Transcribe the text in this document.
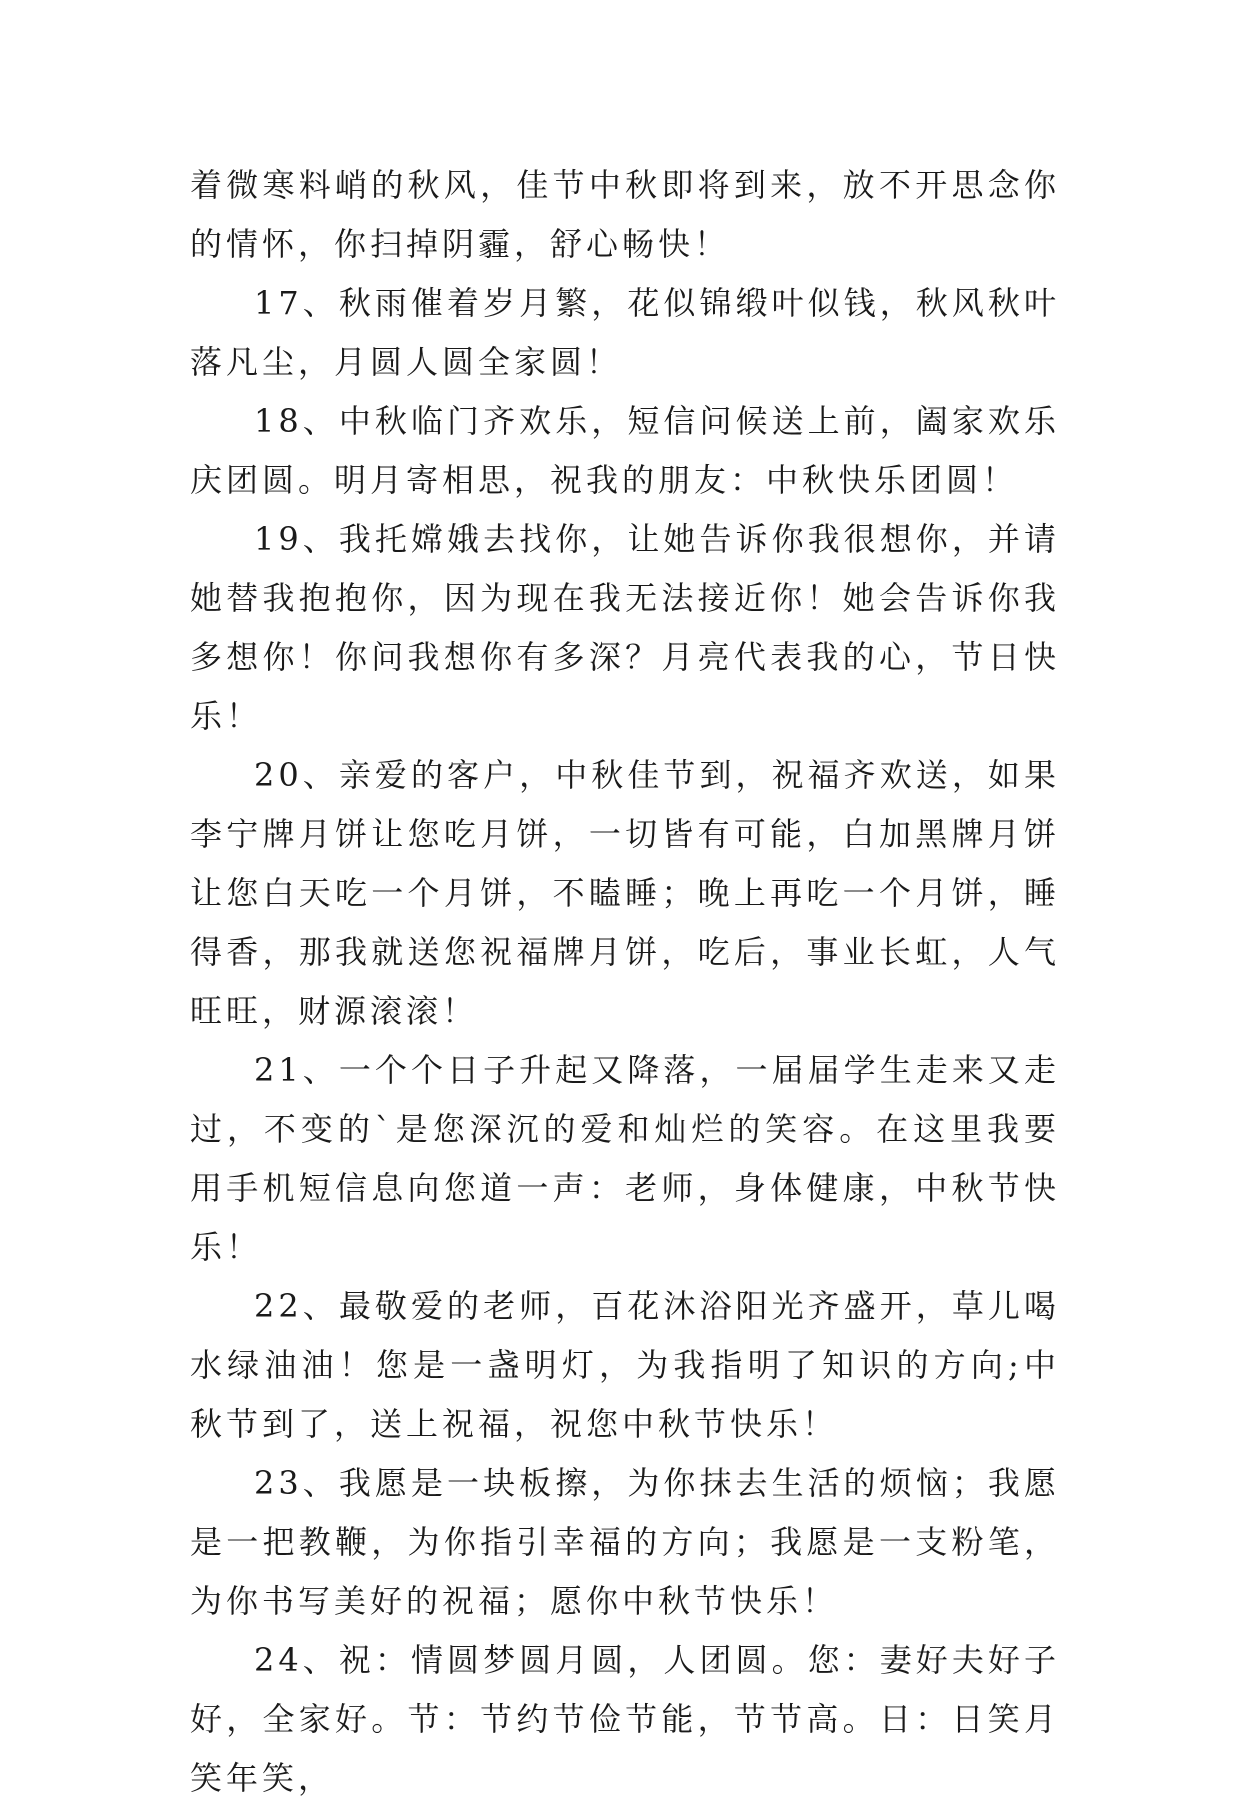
着微寒料峭的秋风，佳节中秋即将到来，放不开思念你的情怀，你扫掉阴霾，舒心畅快！

17、秋雨催着岁月繁，花似锦缎叶似钱，秋风秋叶落凡尘，月圆人圆全家圆！

18、中秋临门齐欢乐，短信问候送上前，阖家欢乐庆团圆。明月寄相思，祝我的朋友：中秋快乐团圆！

19、我托嫦娥去找你，让她告诉你我很想你，并请她替我抱抱你，因为现在我无法接近你！她会告诉你我多想你！你问我想你有多深？月亮代表我的心，节日快乐！

20、亲爱的客户，中秋佳节到，祝福齐欢送，如果李宁牌月饼让您吃月饼，一切皆有可能，白加黑牌月饼让您白天吃一个月饼，不瞌睡；晚上再吃一个月饼，睡得香，那我就送您祝福牌月饼，吃后，事业长虹，人气旺旺，财源滚滚！

21、一个个日子升起又降落，一届届学生走来又走过，不变的`是您深沉的爱和灿烂的笑容。在这里我要用手机短信息向您道一声：老师，身体健康，中秋节快乐！

22、最敬爱的老师，百花沐浴阳光齐盛开，草儿喝水绿油油！您是一盏明灯，为我指明了知识的方向;中秋节到了，送上祝福，祝您中秋节快乐！

23、我愿是一块板擦，为你抹去生活的烦恼；我愿是一把教鞭，为你指引幸福的方向；我愿是一支粉笔，为你书写美好的祝福；愿你中秋节快乐！

24、祝：情圆梦圆月圆，人团圆。您：妻好夫好子好，全家好。节：节约节俭节能，节节高。日：日笑月笑年笑，
